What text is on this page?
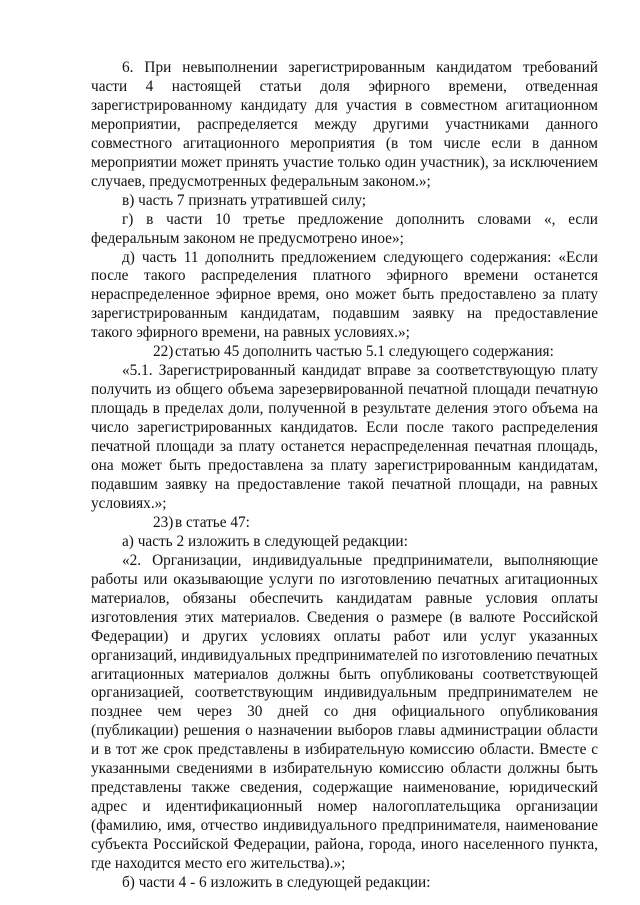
6. При невыполнении зарегистрированным кандидатом требований части 4 настоящей статьи доля эфирного времени, отведенная зарегистрированному кандидату для участия в совместном агитационном мероприятии, распределяется между другими участниками данного совместного агитационного мероприятия (в том числе если в данном мероприятии может принять участие только один участник), за исключением случаев, предусмотренных федеральным законом.»;

в) часть 7 признать утратившей силу;

г) в части 10 третье предложение дополнить словами «, если федеральным законом не предусмотрено иное»;

д) часть 11 дополнить предложением следующего содержания: «Если после такого распределения платного эфирного времени останется нераспределенное эфирное время, оно может быть предоставлено за плату зарегистрированным кандидатам, подавшим заявку на предоставление такого эфирного времени, на равных условиях.»;

22) статью 45 дополнить частью 5.1 следующего содержания:

«5.1. Зарегистрированный кандидат вправе за соответствующую плату получить из общего объема зарезервированной печатной площади печатную площадь в пределах доли, полученной в результате деления этого объема на число зарегистрированных кандидатов. Если после такого распределения печатной площади за плату останется нераспределенная печатная площадь, она может быть предоставлена за плату зарегистрированным кандидатам, подавшим заявку на предоставление такой печатной площади, на равных условиях.»;

23) в статье 47:

а) часть 2 изложить в следующей редакции:

«2. Организации, индивидуальные предприниматели, выполняющие работы или оказывающие услуги по изготовлению печатных агитационных материалов, обязаны обеспечить кандидатам равные условия оплаты изготовления этих материалов. Сведения о размере (в валюте Российской Федерации) и других условиях оплаты работ или услуг указанных организаций, индивидуальных предпринимателей по изготовлению печатных агитационных материалов должны быть опубликованы соответствующей организацией, соответствующим индивидуальным предпринимателем не позднее чем через 30 дней со дня официального опубликования (публикации) решения о назначении выборов главы администрации области и в тот же срок представлены в избирательную комиссию области. Вместе с указанными сведениями в избирательную комиссию области должны быть представлены также сведения, содержащие наименование, юридический адрес и идентификационный номер налогоплательщика организации (фамилию, имя, отчество индивидуального предпринимателя, наименование субъекта Российской Федерации, района, города, иного населенного пункта, где находится место его жительства).»;

б) части 4 - 6 изложить в следующей редакции:
